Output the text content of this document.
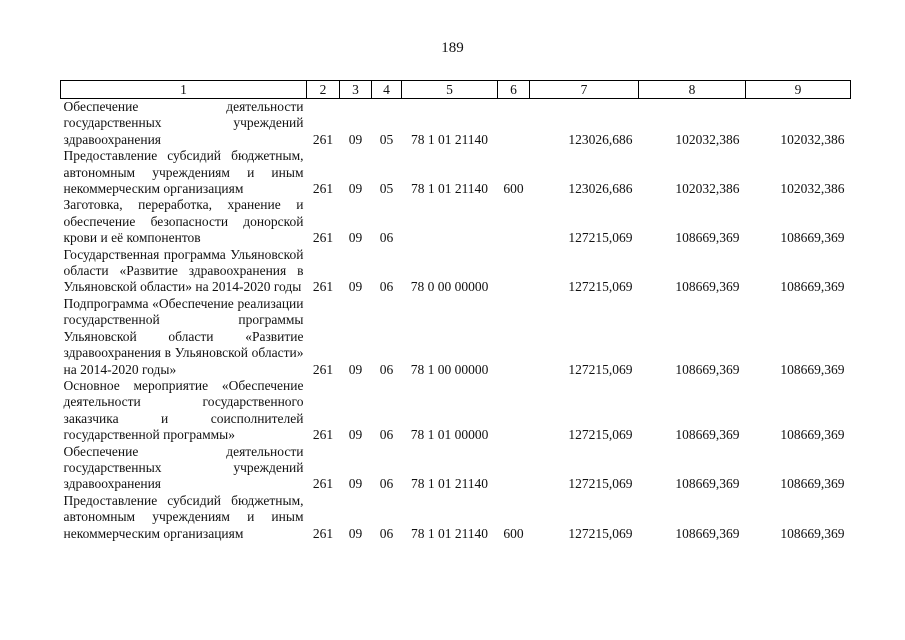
189
1	2	3	4	5	6	7	8	9
Обеспечение деятельности государственных учреждений здравоохранения	261	09	05	78 1 01 21140		123026,686	102032,386	102032,386
Предоставление субсидий бюджетным, автономным учреждениям и иным некоммерческим организациям	261	09	05	78 1 01 21140	600	123026,686	102032,386	102032,386
Заготовка, переработка, хранение и обеспечение безопасности донорской крови и её компонентов	261	09	06			127215,069	108669,369	108669,369
Государственная программа Ульяновской области «Развитие здравоохранения в Ульяновской области» на 2014-2020 годы	261	09	06	78 0 00 00000		127215,069	108669,369	108669,369
Подпрограмма «Обеспечение реализации государственной программы Ульяновской области «Развитие здравоохранения в Ульяновской области» на 2014-2020 годы»	261	09	06	78 1 00 00000		127215,069	108669,369	108669,369
Основное мероприятие «Обеспечение деятельности государственного заказчика и соисполнителей государственной программы»	261	09	06	78 1 01 00000		127215,069	108669,369	108669,369
Обеспечение деятельности государственных учреждений здравоохранения	261	09	06	78 1 01 21140		127215,069	108669,369	108669,369
Предоставление субсидий бюджетным, автономным учреждениям и иным некоммерческим организациям	261	09	06	78 1 01 21140	600	127215,069	108669,369	108669,369
